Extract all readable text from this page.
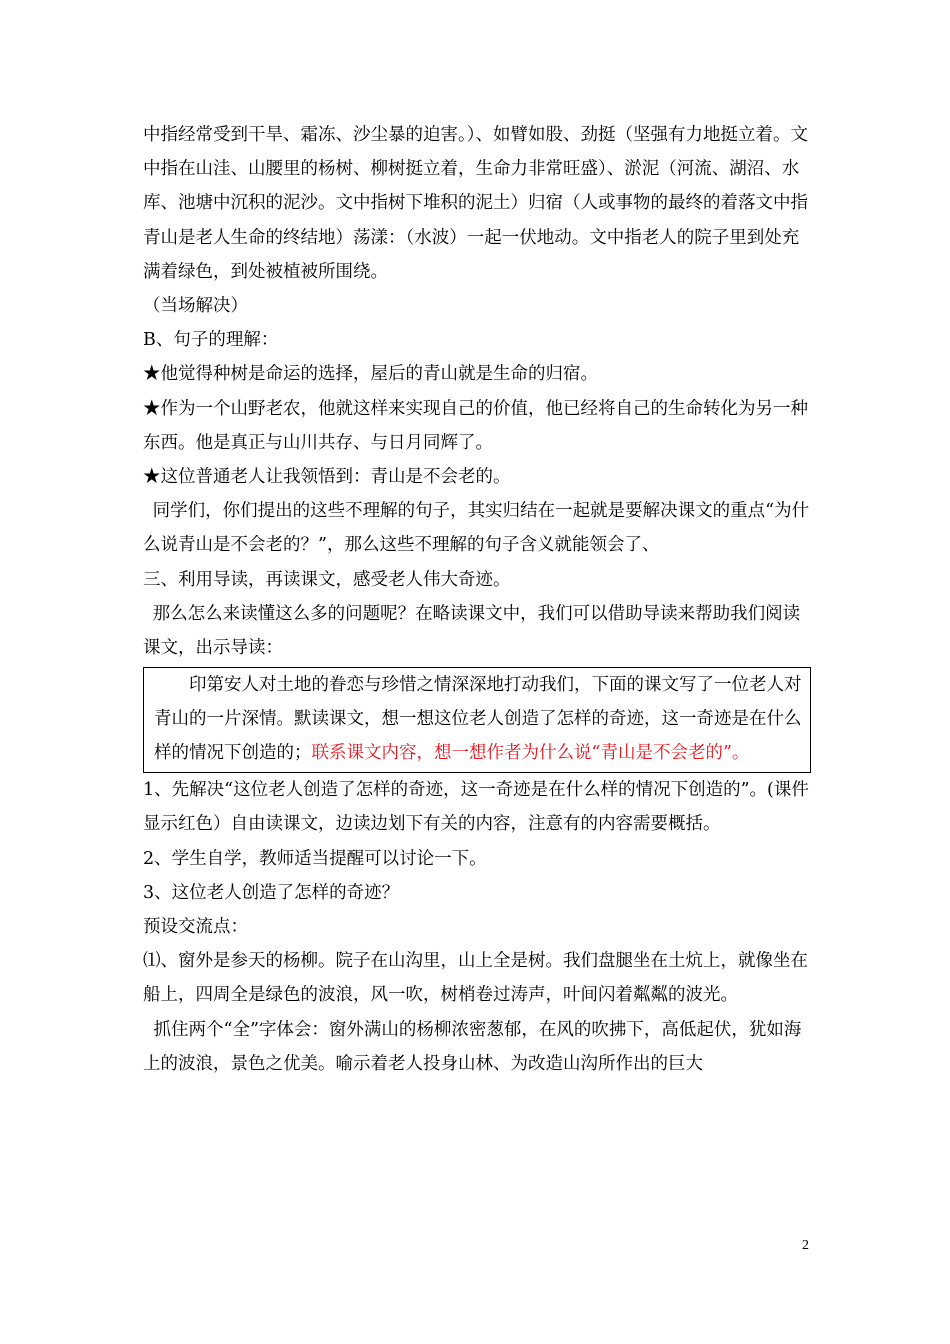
中指经常受到干旱、霜冻、沙尘暴的迫害。）、如臂如股、劲挺（坚强有力地挺立着。文中指在山洼、山腰里的杨树、柳树挺立着，生命力非常旺盛）、淤泥（河流、湖沼、水库、池塘中沉积的泥沙。文中指树下堆积的泥土）归宿（人或事物的最终的着落文中指青山是老人生命的终结地）荡漾：（水波）一起一伏地动。文中指老人的院子里到处充满着绿色，到处被植被所围绕。

（当场解决）

B、句子的理解：

★他觉得种树是命运的选择，屋后的青山就是生命的归宿。

★作为一个山野老农，他就这样来实现自己的价值，他已经将自己的生命转化为另一种东西。他是真正与山川共存、与日月同辉了。

★这位普通老人让我领悟到：青山是不会老的。

同学们，你们提出的这些不理解的句子，其实归结在一起就是要解决课文的重点“为什么说青山是不会老的？”，那么这些不理解的句子含义就能领会了、

三、利用导读，再读课文，感受老人伟大奇迹。

那么怎么来读懂这么多的问题呢？在略读课文中，我们可以借助导读来帮助我们阅读课文，出示导读：

印第安人对土地的眷恋与珍惜之情深深地打动我们，下面的课文写了一位老人对青山的一片深情。默读课文，想一想这位老人创造了怎样的奇迹，这一奇迹是在什么样的情况下创造的；联系课文内容，想一想作者为什么说“青山是不会老的”。

1、先解决“这位老人创造了怎样的奇迹，这一奇迹是在什么样的情况下创造的”。(课件显示红色）自由读课文，边读边划下有关的内容，注意有的内容需要概括。

2、学生自学，教师适当提醒可以讨论一下。

3、这位老人创造了怎样的奇迹？

预设交流点：

⑴、窗外是参天的杨柳。院子在山沟里，山上全是树。我们盘腿坐在土炕上，就像坐在船上，四周全是绿色的波浪，风一吹，树梢卷过涛声，叶间闪着粼粼的波光。

抓住两个“全”字体会：窗外满山的杨柳浓密葱郁，在风的吹拂下，高低起伏，犹如海上的波浪，景色之优美。喻示着老人投身山林、为改造山沟所作出的巨大

2
